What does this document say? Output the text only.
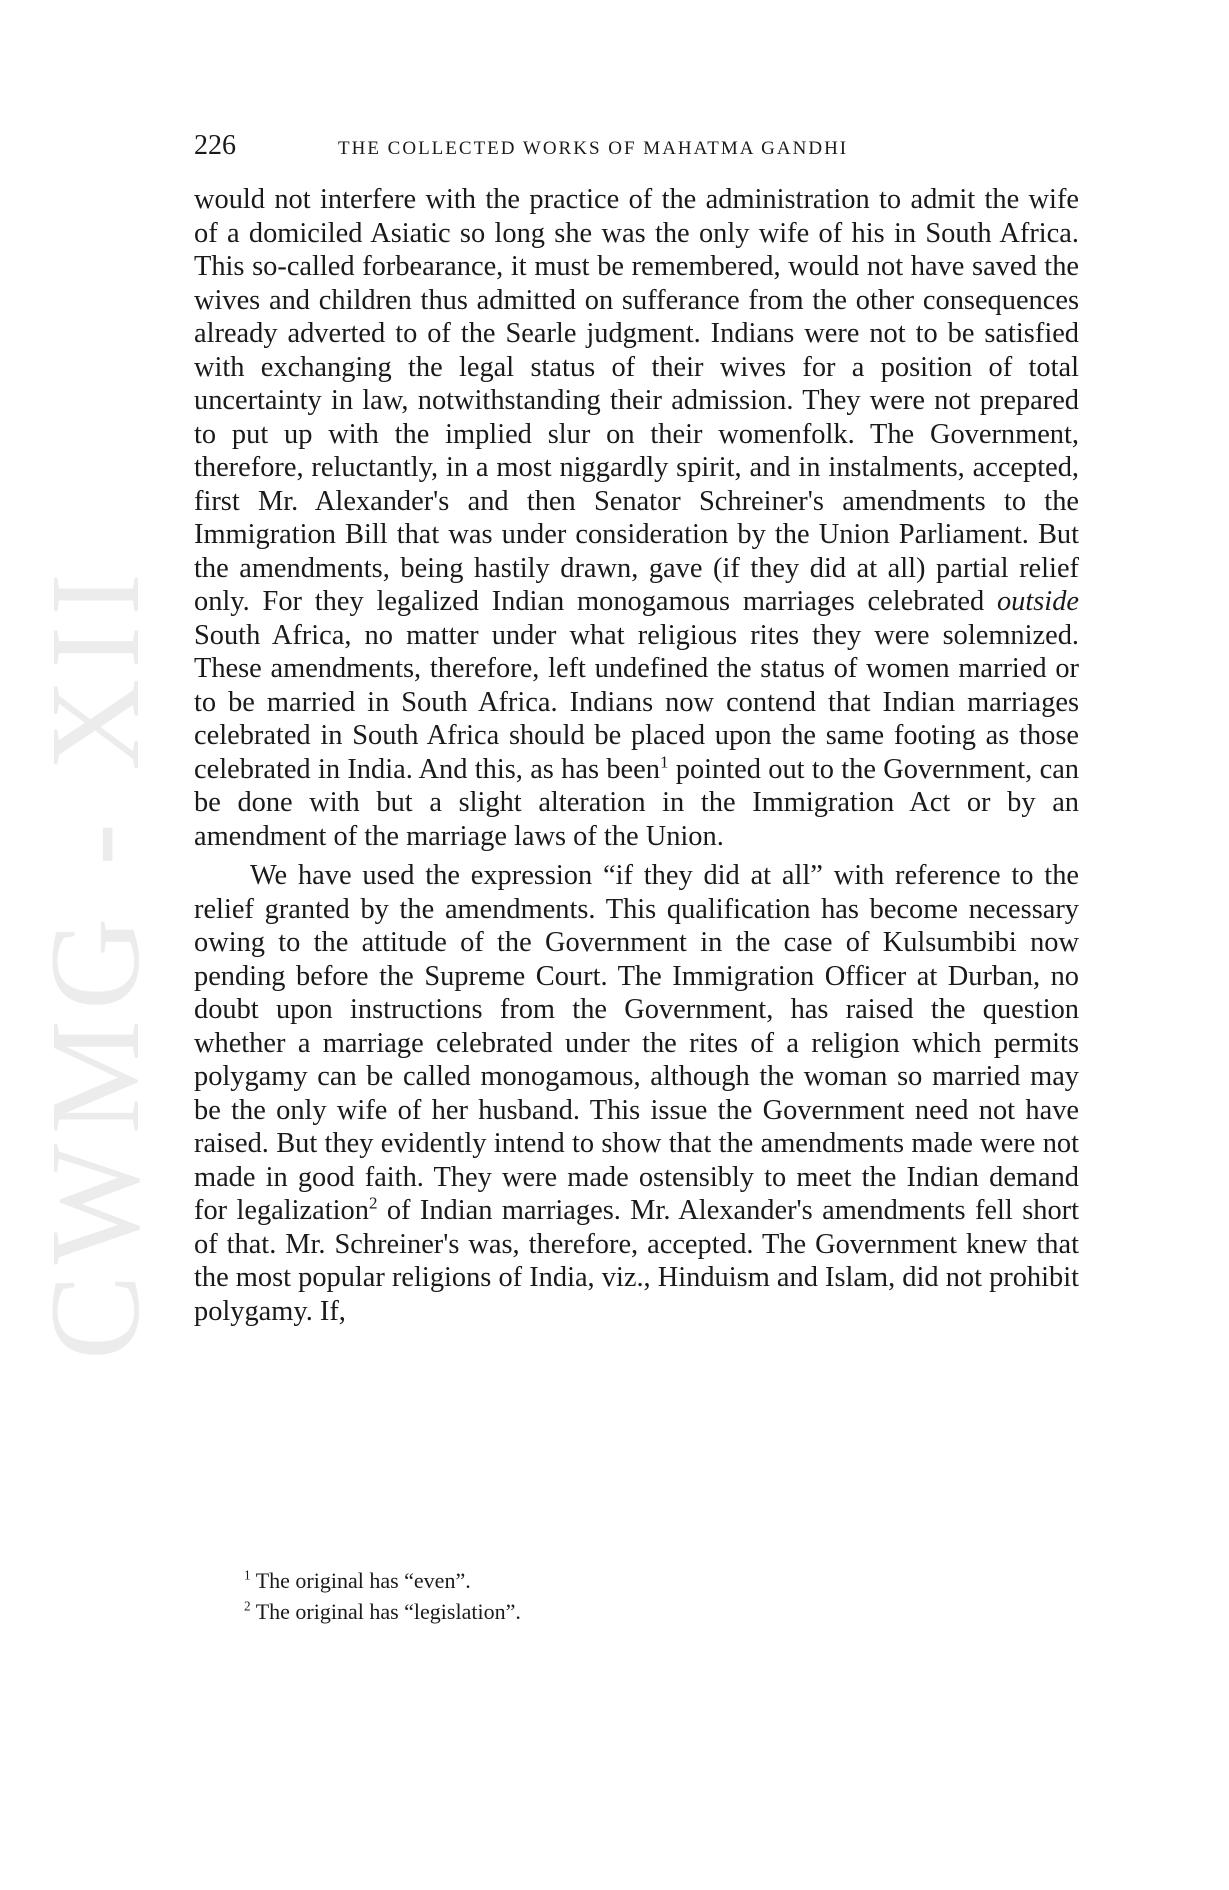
CWMG - XII
226	THE COLLECTED WORKS OF MAHATMA GANDHI

would not interfere with the practice of the administration to admit the wife of a domiciled Asiatic so long she was the only wife of his in South Africa. This so-called forbearance, it must be remembered, would not have saved the wives and children thus admitted on sufferance from the other consequences already adverted to of the Searle judgment. Indians were not to be satisfied with exchanging the legal status of their wives for a position of total uncertainty in law, notwithstanding their admission. They were not prepared to put up with the implied slur on their womenfolk. The Government, therefore, reluctantly, in a most niggardly spirit, and in instalments, accepted, first Mr. Alexander's and then Senator Schreiner's amendments to the Immigration Bill that was under consideration by the Union Parliament. But the amendments, being hastily drawn, gave (if they did at all) partial relief only. For they legalized Indian monogamous marriages celebrated outside South Africa, no matter under what religious rites they were solemnized. These amendments, therefore, left undefined the status of women married or to be married in South Africa. Indians now contend that Indian marriages celebrated in South Africa should be placed upon the same footing as those celebrated in India. And this, as has been$^1$ pointed out to the Government, can be done with but a slight alteration in the Immigration Act or by an amendment of the marriage laws of the Union.

We have used the expression “if they did at all” with reference to the relief granted by the amendments. This qualification has become necessary owing to the attitude of the Government in the case of Kulsumbibi now pending before the Supreme Court. The Immigration Officer at Durban, no doubt upon instructions from the Government, has raised the question whether a marriage celebrated under the rites of a religion which permits polygamy can be called monogamous, although the woman so married may be the only wife of her husband. This issue the Government need not have raised. But they evidently intend to show that the amendments made were not made in good faith. They were made ostensibly to meet the Indian demand for legalization$^2$ of Indian marriages. Mr. Alexander's amendments fell short of that. Mr. Schreiner's was, therefore, accepted. The Government knew that the most popular religions of India, viz., Hinduism and Islam, did not prohibit polygamy. If,

$^1$ The original has “even”.

$^2$ The original has “legislation”.
